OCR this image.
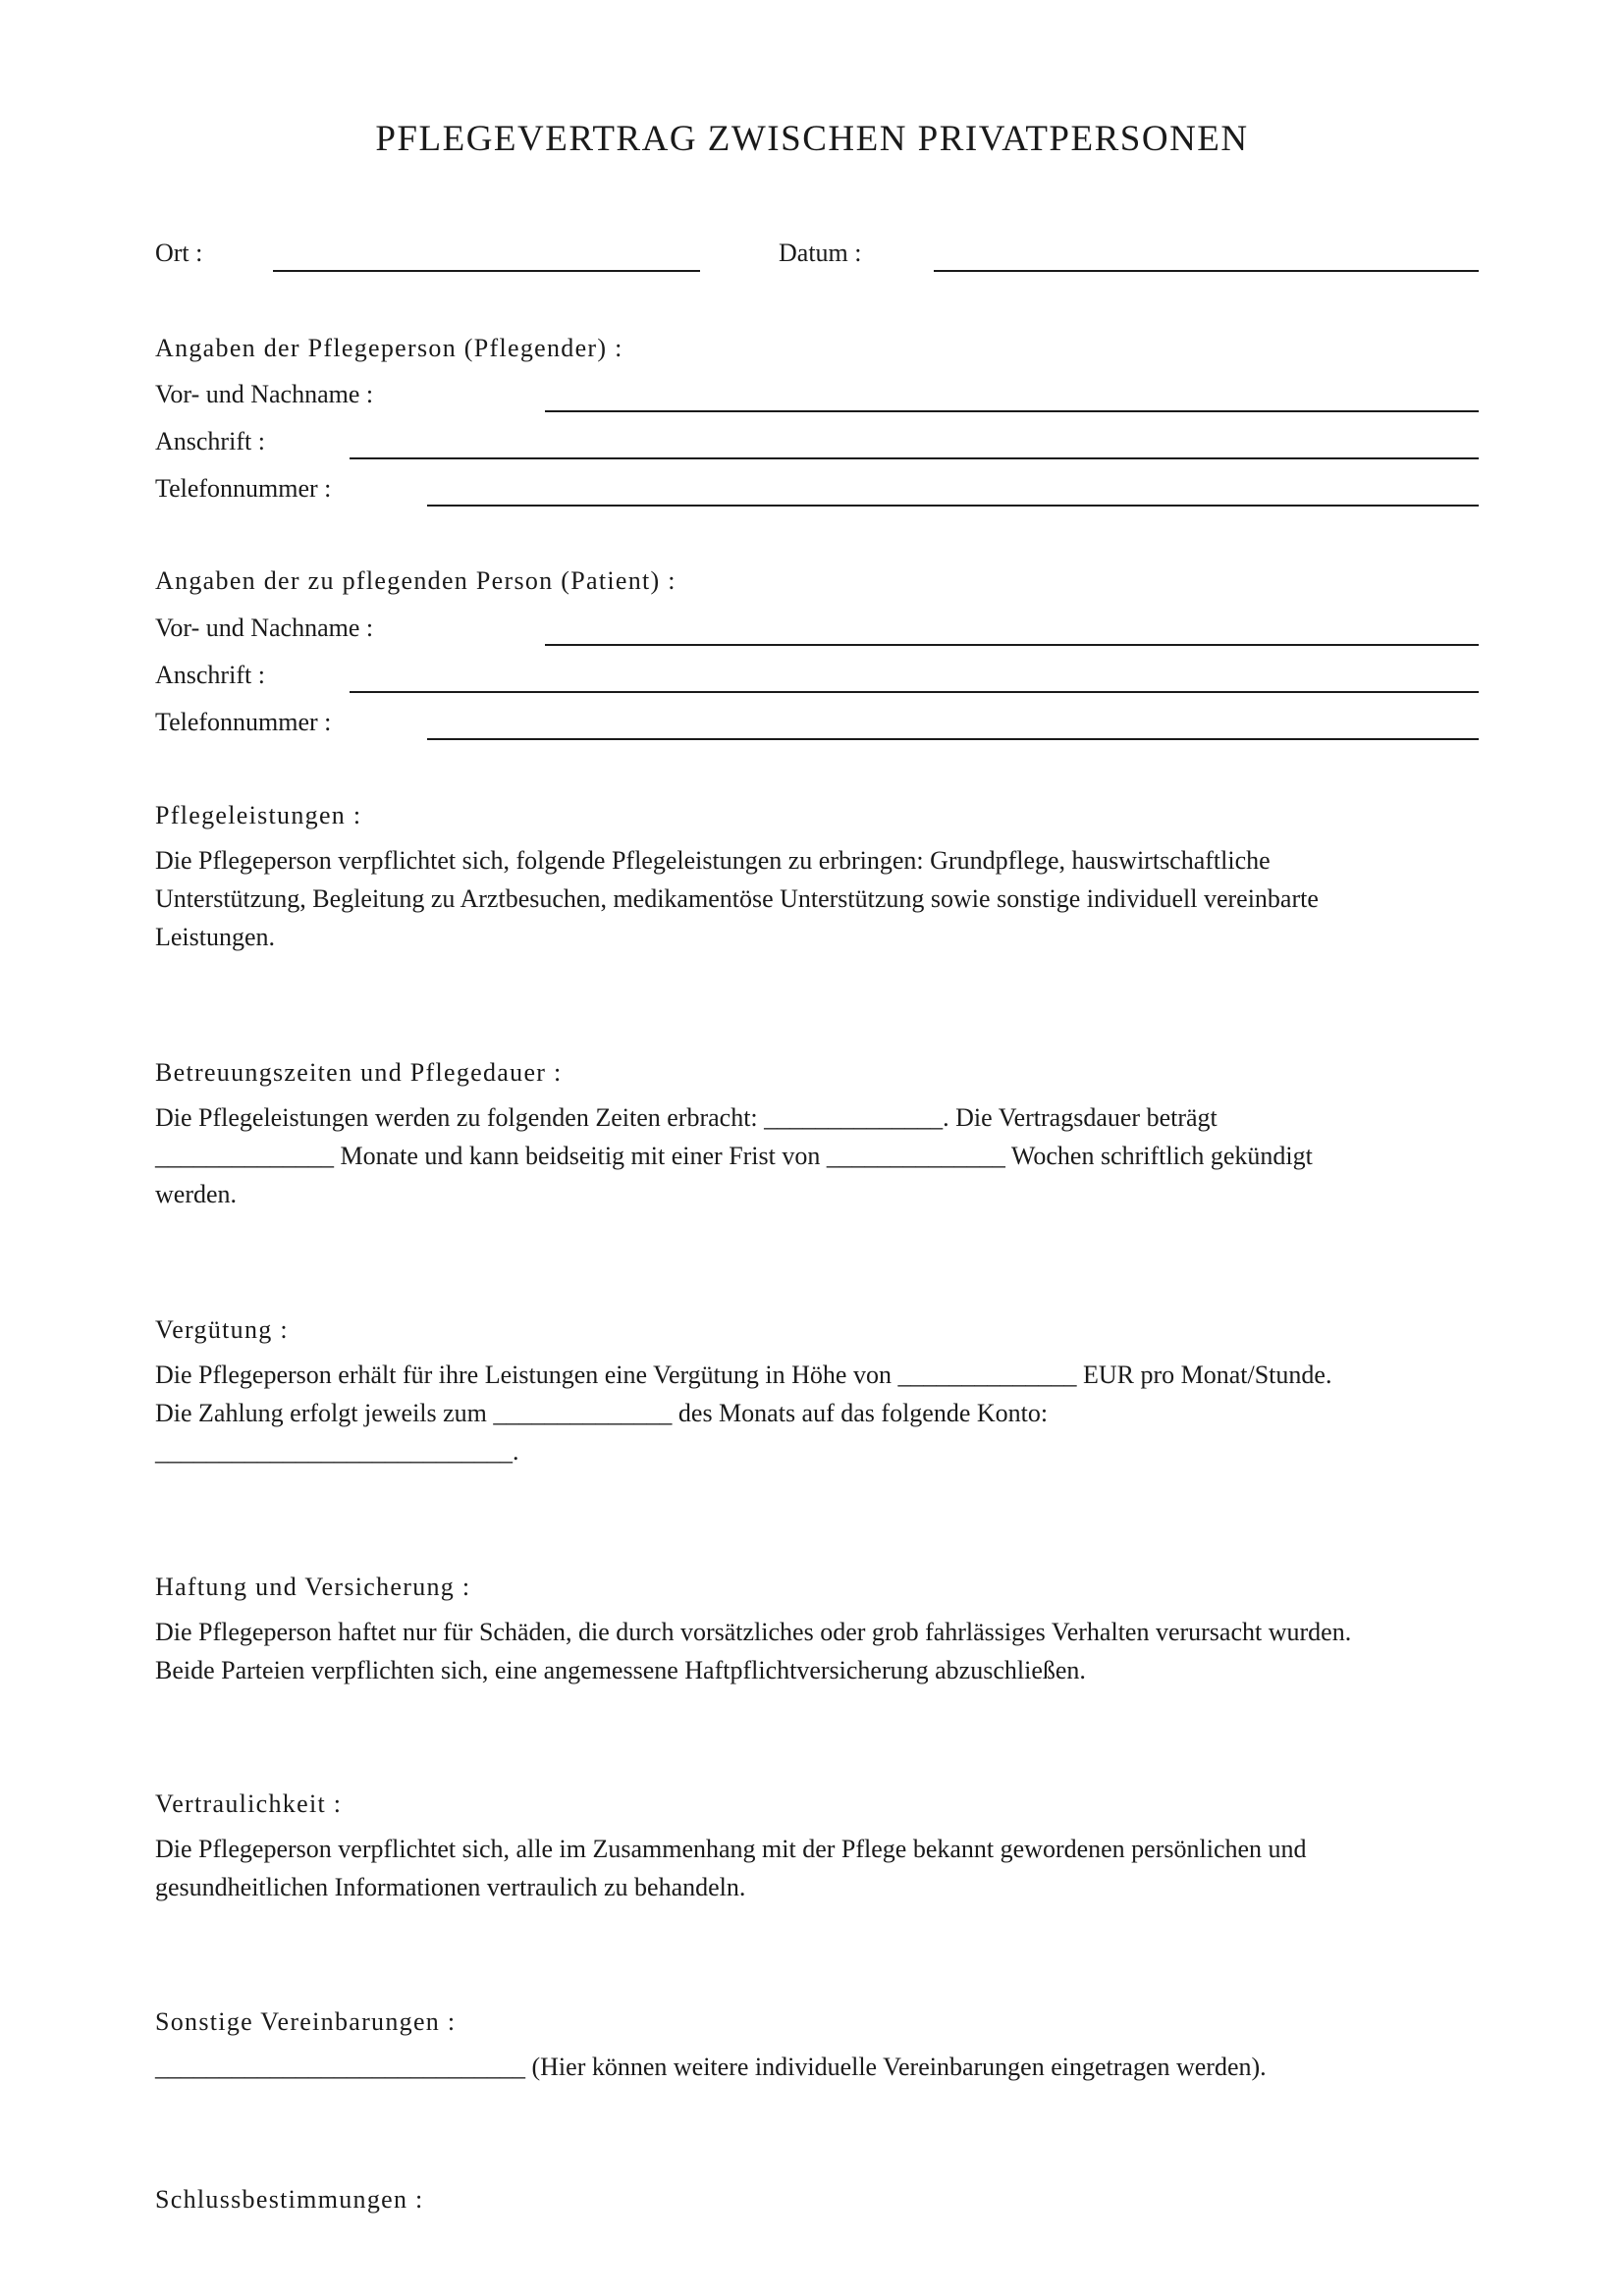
PFLEGEVERTRAG ZWISCHEN PRIVATPERSONEN
Ort :	Datum :
Angaben der Pflegeperson (Pflegender) :
Vor- und Nachname :
Anschrift :
Telefonnummer :
Angaben der zu pflegenden Person (Patient) :
Vor- und Nachname :
Anschrift :
Telefonnummer :
Pflegeleistungen :

Die Pflegeperson verpflichtet sich, folgende Pflegeleistungen zu erbringen: Grundpflege, hauswirtschaftliche

Unterstützung, Begleitung zu Arztbesuchen, medikamentöse Unterstützung sowie sonstige individuell vereinbarte

Leistungen.

Betreuungszeiten und Pflegedauer :

Die Pflegeleistungen werden zu folgenden Zeiten erbracht: ______________. Die Vertragsdauer beträgt

______________ Monate und kann beidseitig mit einer Frist von ______________ Wochen schriftlich gekündigt

werden.

Vergütung :

Die Pflegeperson erhält für ihre Leistungen eine Vergütung in Höhe von ______________ EUR pro Monat/Stunde.

Die Zahlung erfolgt jeweils zum ______________ des Monats auf das folgende Konto:

____________________________.

Haftung und Versicherung :

Die Pflegeperson haftet nur für Schäden, die durch vorsätzliches oder grob fahrlässiges Verhalten verursacht wurden.

Beide Parteien verpflichten sich, eine angemessene Haftpflichtversicherung abzuschließen.

Vertraulichkeit :

Die Pflegeperson verpflichtet sich, alle im Zusammenhang mit der Pflege bekannt gewordenen persönlichen und

gesundheitlichen Informationen vertraulich zu behandeln.

Sonstige Vereinbarungen :

_____________________________ (Hier können weitere individuelle Vereinbarungen eingetragen werden).

Schlussbestimmungen :
